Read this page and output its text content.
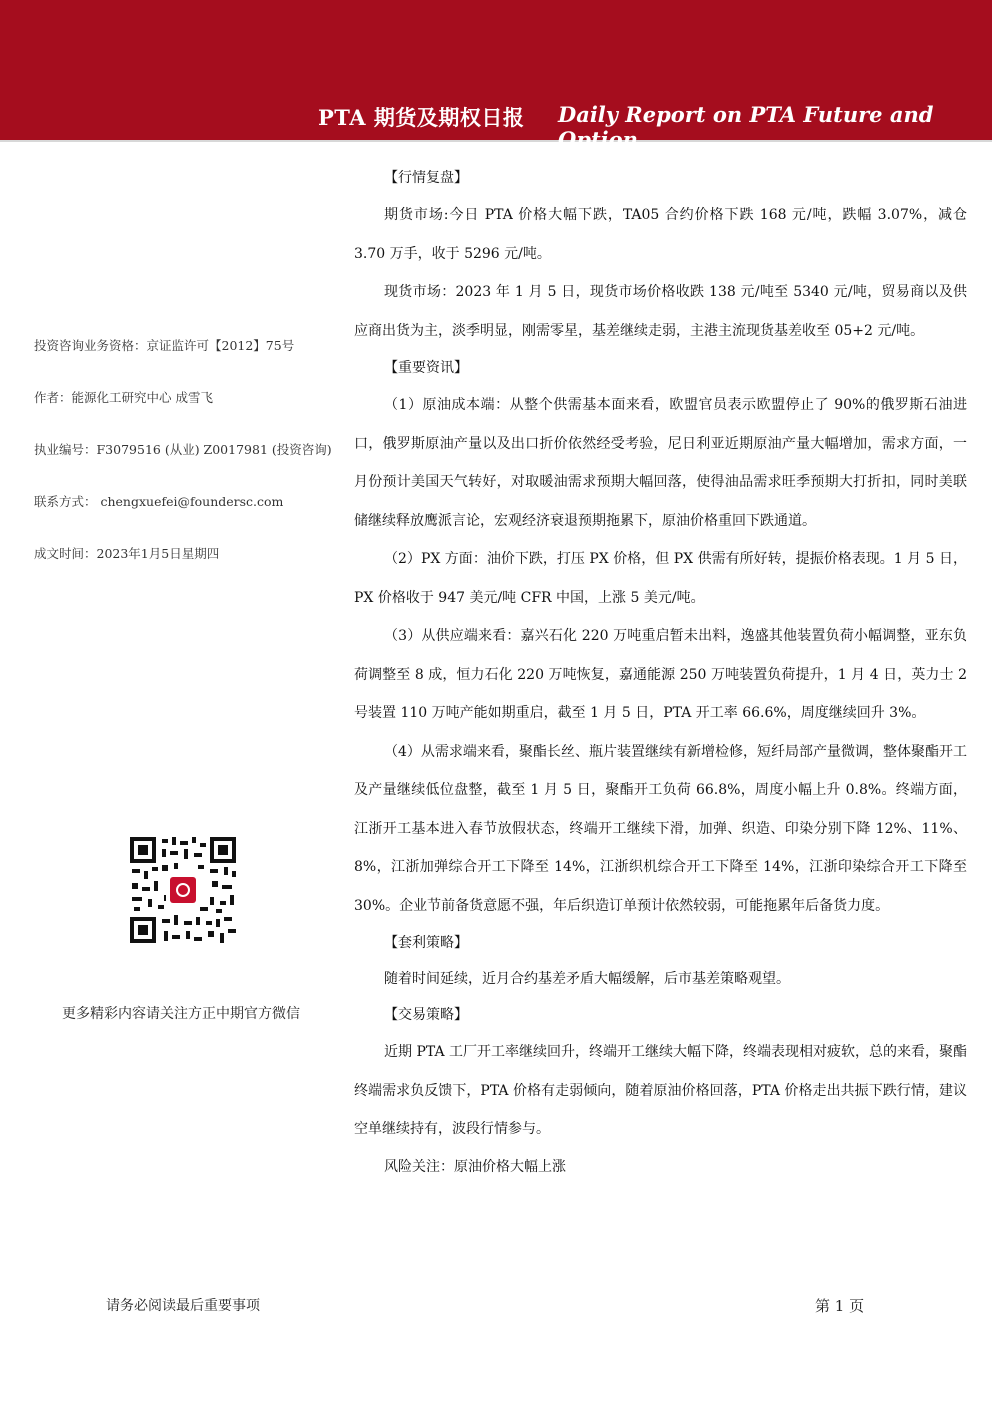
PTA 期货及期权日报 Daily Report on PTA Future and Option
投资咨询业务资格：京证监许可【2012】75号
作者：能源化工研究中心 成雪飞
执业编号：F3079516 (从业) Z0017981 (投资咨询)
联系方式： chengxuefei@foundersc.com
成文时间：2023年1月5日星期四
更多精彩内容请关注方正中期官方微信
【行情复盘】

期货市场:今日 PTA 价格大幅下跌，TA05 合约价格下跌 168 元/吨，跌幅 3.07%，减仓 3.70 万手，收于 5296 元/吨。

现货市场：2023 年 1 月 5 日，现货市场价格收跌 138 元/吨至 5340 元/吨，贸易商以及供应商出货为主，淡季明显，刚需零星，基差继续走弱，主港主流现货基差收至 05+2 元/吨。

【重要资讯】

（1）原油成本端：从整个供需基本面来看，欧盟官员表示欧盟停止了 90%的俄罗斯石油进口，俄罗斯原油产量以及出口折价依然经受考验，尼日利亚近期原油产量大幅增加，需求方面，一月份预计美国天气转好，对取暖油需求预期大幅回落，使得油品需求旺季预期大打折扣，同时美联储继续释放鹰派言论，宏观经济衰退预期拖累下，原油价格重回下跌通道。

（2）PX 方面：油价下跌，打压 PX 价格，但 PX 供需有所好转，提振价格表现。1 月 5 日，PX 价格收于 947 美元/吨 CFR 中国，上涨 5 美元/吨。

（3）从供应端来看：嘉兴石化 220 万吨重启暂未出料，逸盛其他装置负荷小幅调整，亚东负荷调整至 8 成，恒力石化 220 万吨恢复，嘉通能源 250 万吨装置负荷提升，1 月 4 日，英力士 2 号装置 110 万吨产能如期重启，截至 1 月 5 日，PTA 开工率 66.6%，周度继续回升 3%。

（4）从需求端来看，聚酯长丝、瓶片装置继续有新增检修，短纤局部产量微调，整体聚酯开工及产量继续低位盘整，截至 1 月 5 日，聚酯开工负荷 66.8%，周度小幅上升 0.8%。终端方面，江浙开工基本进入春节放假状态，终端开工继续下滑，加弹、织造、印染分别下降 12%、11%、8%，江浙加弹综合开工下降至 14%，江浙织机综合开工下降至 14%，江浙印染综合开工下降至 30%。企业节前备货意愿不强，年后织造订单预计依然较弱，可能拖累年后备货力度。

【套利策略】

随着时间延续，近月合约基差矛盾大幅缓解，后市基差策略观望。

【交易策略】

近期 PTA 工厂开工率继续回升，终端开工继续大幅下降，终端表现相对疲软，总的来看，聚酯终端需求负反馈下，PTA 价格有走弱倾向，随着原油价格回落，PTA 价格走出共振下跌行情，建议空单继续持有，波段行情参与。

风险关注：原油价格大幅上涨

请务必阅读最后重要事项	第 1 页
